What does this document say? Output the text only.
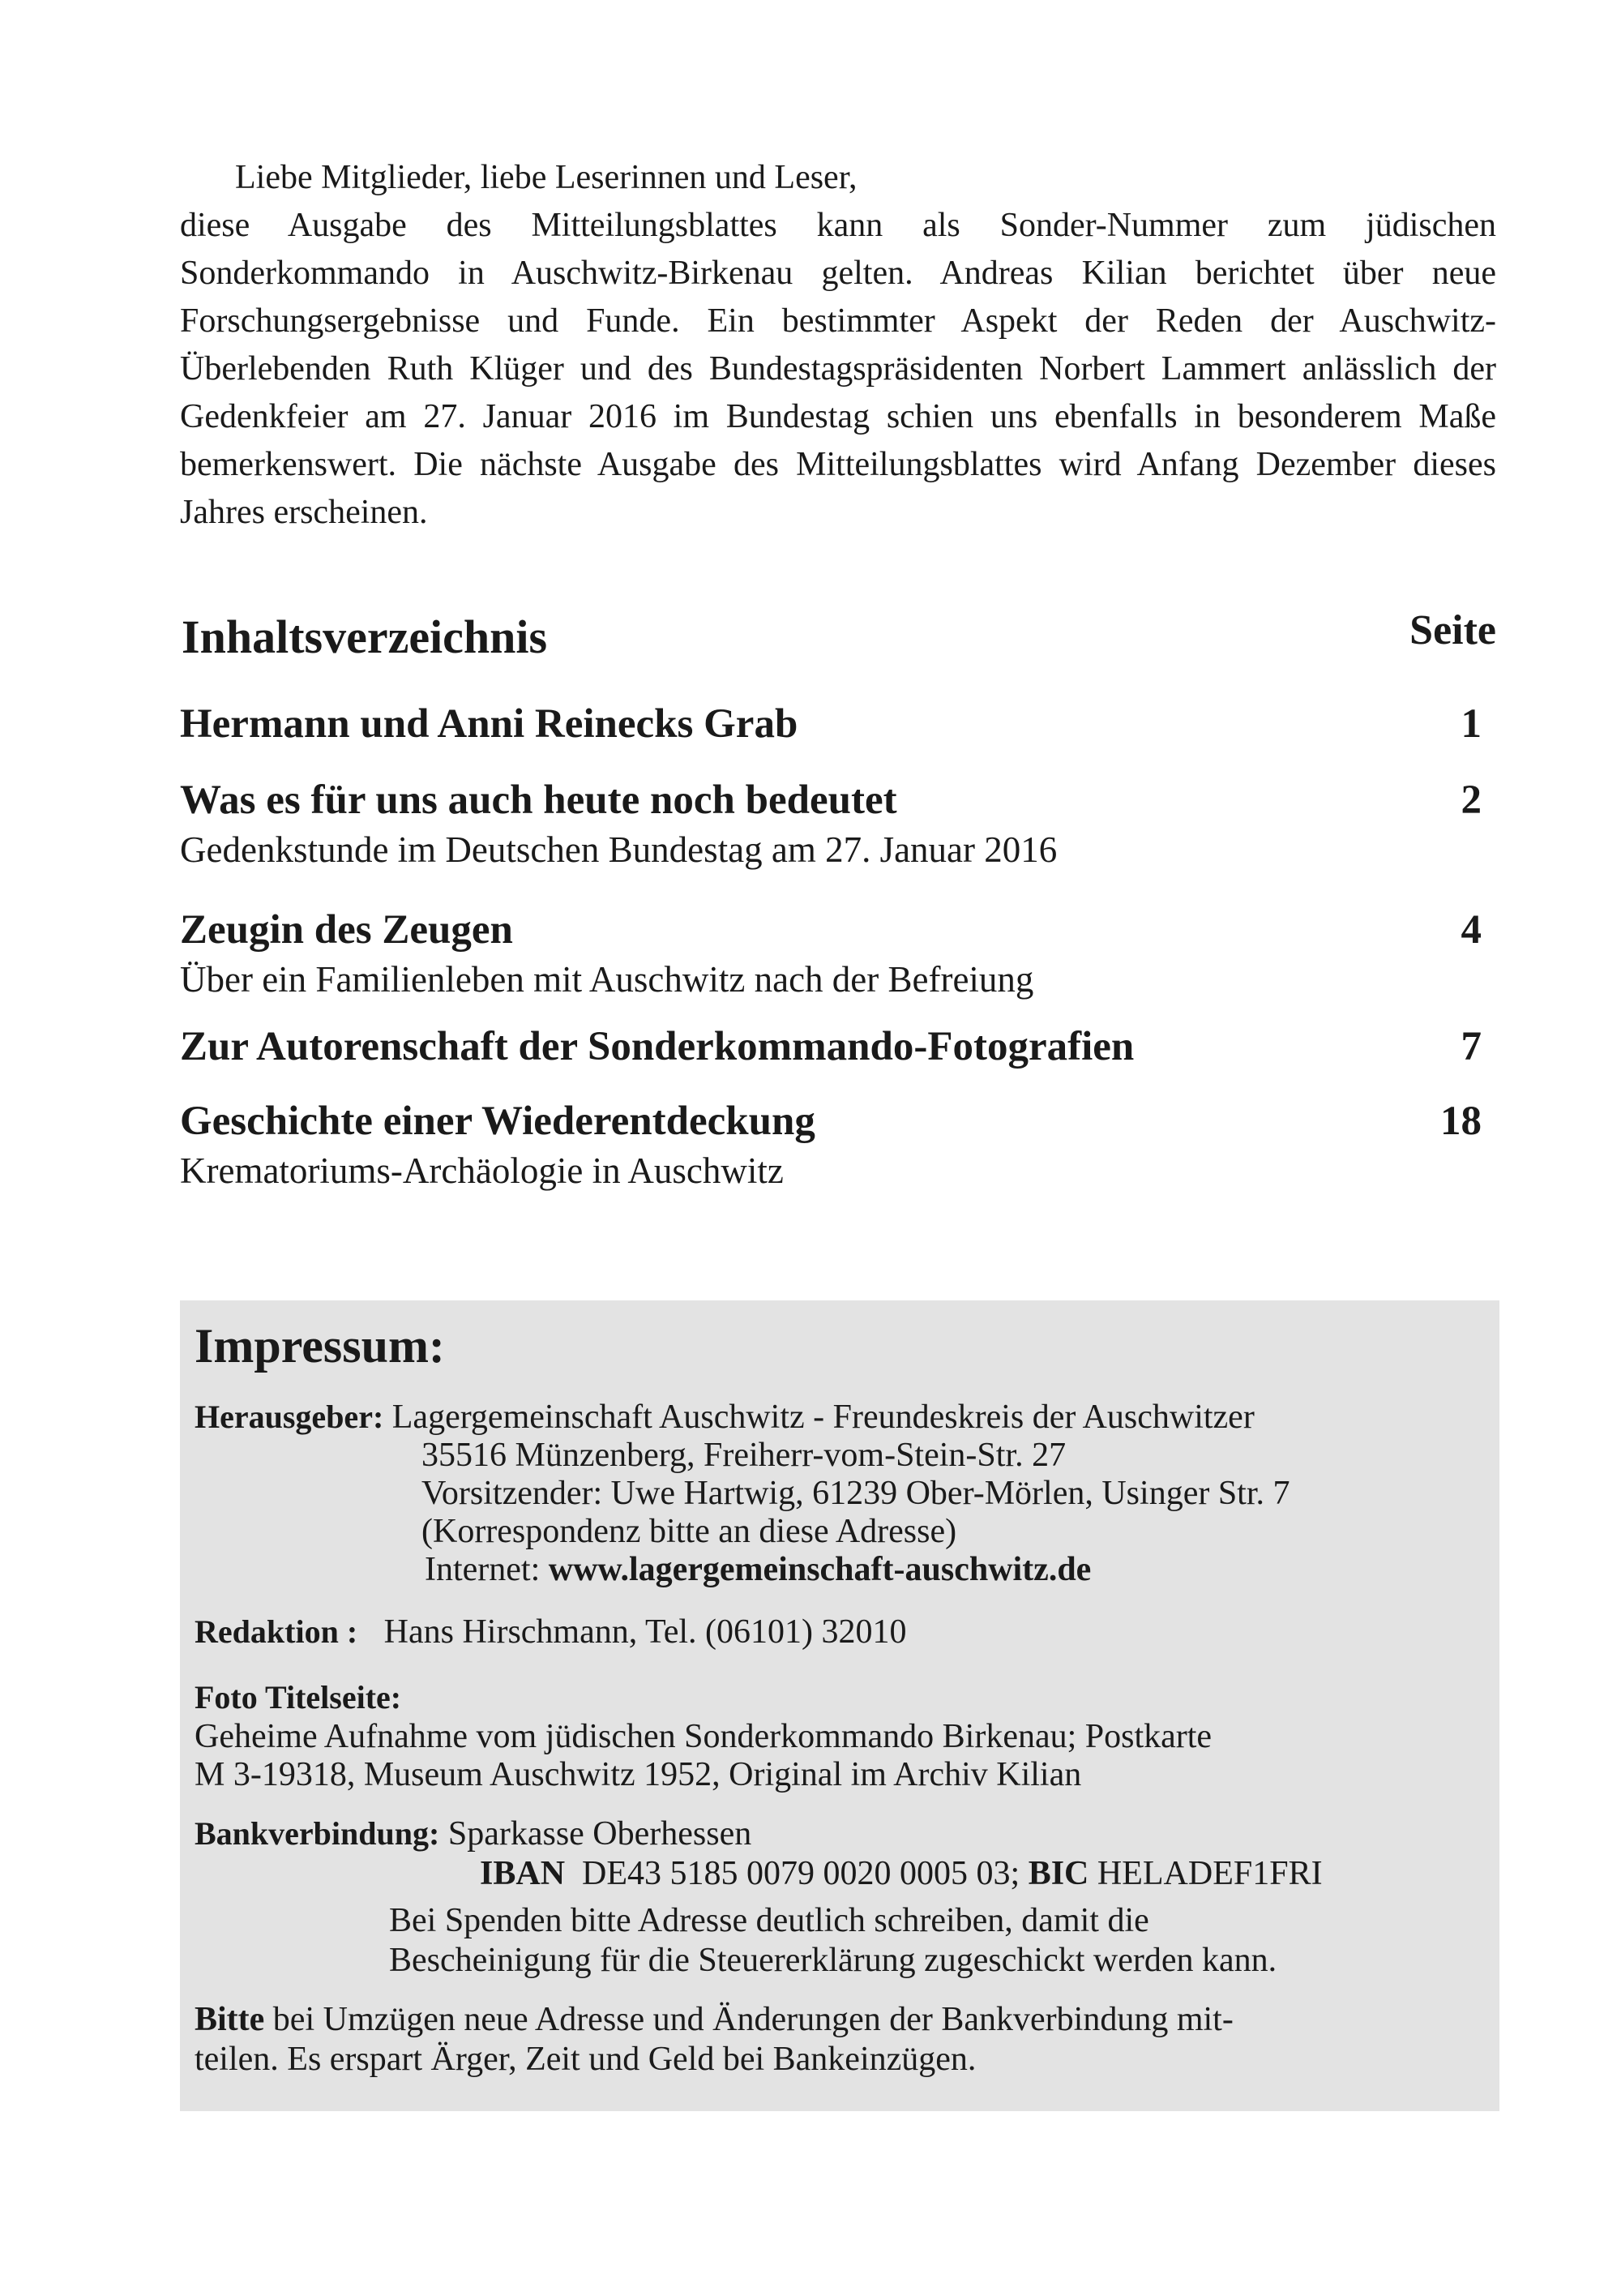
Liebe Mitglieder, liebe Leserinnen und Leser,

diese Ausgabe des Mitteilungsblattes kann als Sonder-Nummer zum jüdischen Sonderkommando in Auschwitz-Birkenau gelten. Andreas Kilian berichtet über neue Forschungsergebnisse und Funde. Ein bestimmter Aspekt der Reden der Auschwitz-Überlebenden Ruth Klüger und des Bundestagspräsidenten Norbert Lammert anlässlich der Gedenkfeier am 27. Januar 2016 im Bundestag schien uns ebenfalls in besonderem Maße bemerkenswert. Die nächste Ausgabe des Mitteilungsblattes wird Anfang Dezember dieses Jahres erscheinen.

Inhaltsverzeichnis	Seite
Hermann und Anni Reinecks Grab	1
Was es für uns auch heute noch bedeutet	2
Gedenkstunde im Deutschen Bundestag am 27. Januar 2016
Zeugin des Zeugen	4
Über ein Familienleben mit Auschwitz nach der Befreiung
Zur Autorenschaft der Sonderkommando-Fotografien	7
Geschichte einer Wiederentdeckung	18
Krematoriums-Archäologie in Auschwitz
Impressum:
Herausgeber: Lagergemeinschaft Auschwitz - Freundeskreis der Auschwitzer
35516 Münzenberg, Freiherr-vom-Stein-Str. 27
Vorsitzender: Uwe Hartwig, 61239 Ober-Mörlen, Usinger Str. 7
(Korrespondenz bitte an diese Adresse)
Internet: www.lagergemeinschaft-auschwitz.de
Redaktion : Hans Hirschmann, Tel. (06101) 32010
Foto Titelseite:
Geheime Aufnahme vom jüdischen Sonderkommando Birkenau; Postkarte
M 3-19318, Museum Auschwitz 1952, Original im Archiv Kilian
Bankverbindung: Sparkasse Oberhessen
IBAN DE43 5185 0079 0020 0005 03; BIC HELADEF1FRI
Bei Spenden bitte Adresse deutlich schreiben, damit die
Bescheinigung für die Steuererklärung zugeschickt werden kann.
Bitte bei Umzügen neue Adresse und Änderungen der Bankverbindung mit-
teilen. Es erspart Ärger, Zeit und Geld bei Bankeinzügen.
